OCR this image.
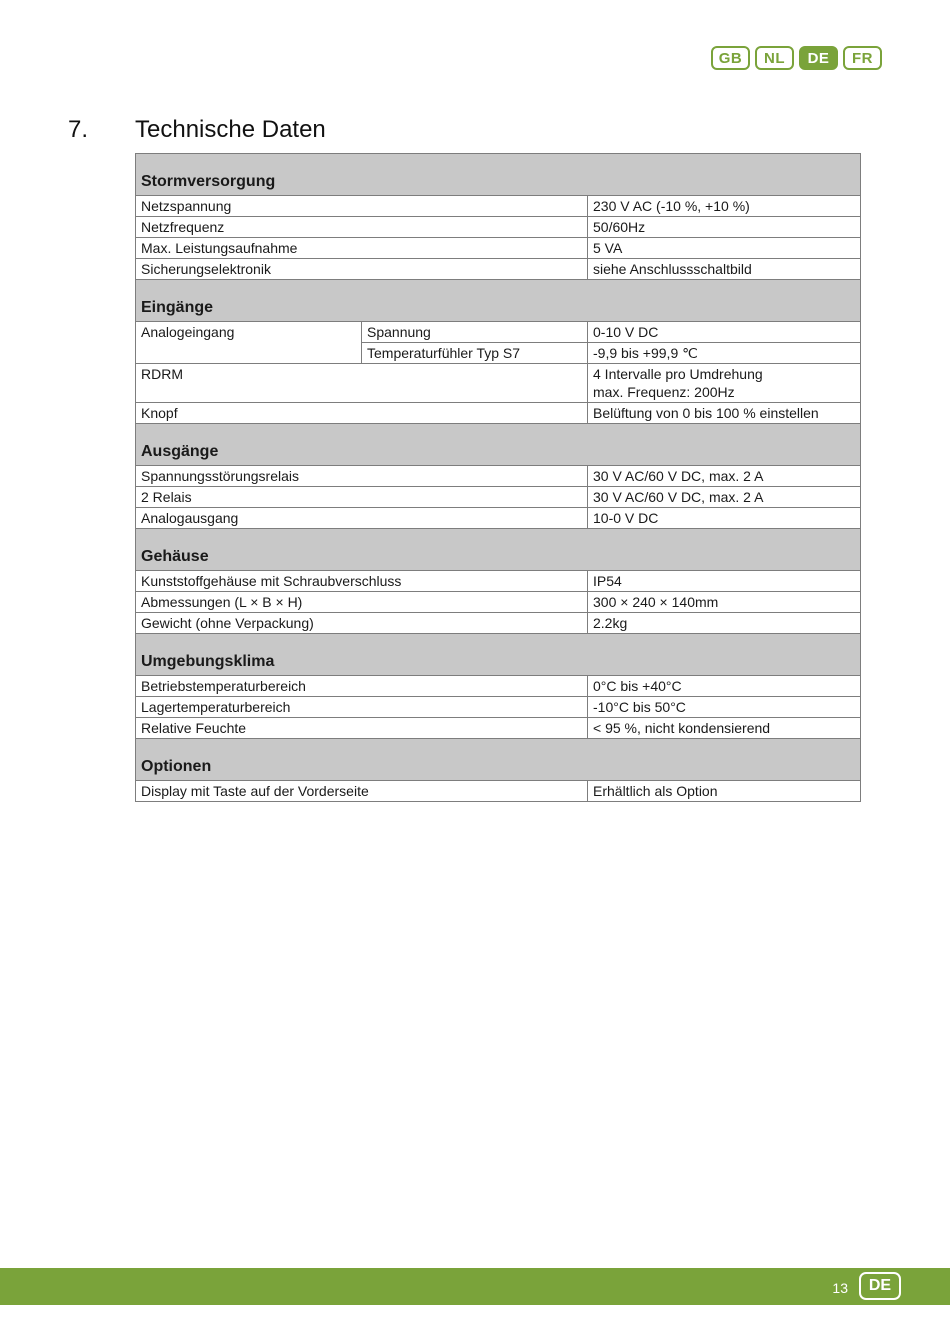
GB	NL	DE	FR
7. Technische Daten
Stormversorgung		
Netzspannung		230 V AC (-10 %, +10 %)
Netzfrequenz		50/60Hz
Max. Leistungsaufnahme		5 VA
Sicherungselektronik		siehe Anschlussschaltbild
Eingänge		
Analogeingang	Spannung	0-10 V DC
	Temperaturfühler Typ S7	-9,9 bis +99,9 ℃
RDRM		4 Intervalle pro Umdrehung
max. Frequenz: 200Hz

Knopf		Belüftung von 0 bis 100 % einstellen
Ausgänge		
Spannungsstörungsrelais		30 V AC/60 V DC, max. 2 A
2 Relais		30 V AC/60 V DC, max. 2 A
Analogausgang		10-0 V DC
Gehäuse		
Kunststoffgehäuse mit Schraubverschluss		IP54
Abmessungen (L × B × H)		300 × 240 × 140mm
Gewicht (ohne Verpackung)		2.2kg
Umgebungsklima		
Betriebstemperaturbereich		0°C bis +40°C
Lagertemperaturbereich		-10°C bis 50°C
Relative Feuchte		< 95 %, nicht kondensierend
Optionen		
Display mit Taste auf der Vorderseite		Erhältlich als Option
13	DE
